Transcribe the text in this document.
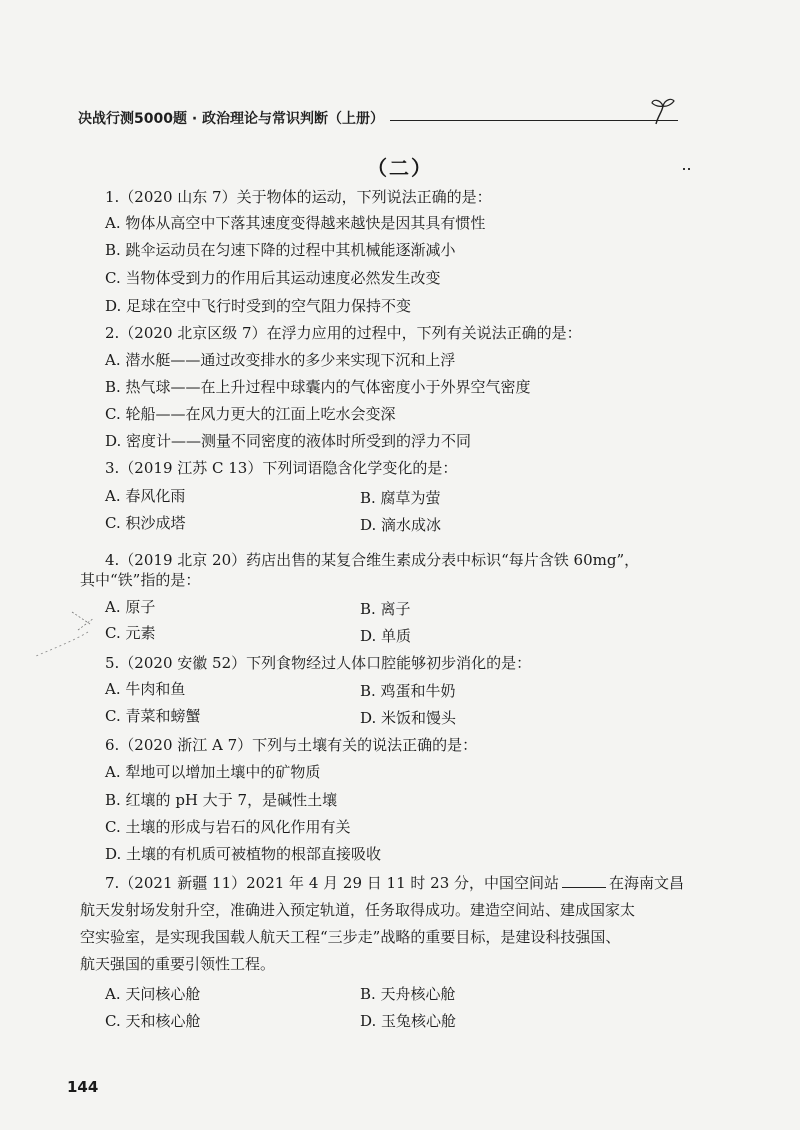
决战行测5000题 · 政治理论与常识判断（上册）
（二）
1.（2020 山东 7）关于物体的运动，下列说法正确的是：
A. 物体从高空中下落其速度变得越来越快是因其具有惯性
B. 跳伞运动员在匀速下降的过程中其机械能逐渐减小
C. 当物体受到力的作用后其运动速度必然发生改变
D. 足球在空中飞行时受到的空气阻力保持不变
2.（2020 北京区级 7）在浮力应用的过程中，下列有关说法正确的是：
A. 潜水艇——通过改变排水的多少来实现下沉和上浮
B. 热气球——在上升过程中球囊内的气体密度小于外界空气密度
C. 轮船——在风力更大的江面上吃水会变深
D. 密度计——测量不同密度的液体时所受到的浮力不同
3.（2019 江苏 C 13）下列词语隐含化学变化的是：
A. 春风化雨	B. 腐草为萤
C. 积沙成塔	D. 滴水成冰
4.（2019 北京 20）药店出售的某复合维生素成分表中标识“每片含铁 60mg”，
其中“铁”指的是：
A. 原子	B. 离子
C. 元素	D. 单质
5.（2020 安徽 52）下列食物经过人体口腔能够初步消化的是：
A. 牛肉和鱼	B. 鸡蛋和牛奶
C. 青菜和螃蟹	D. 米饭和馒头
6.（2020 浙江 A 7）下列与土壤有关的说法正确的是：
A. 犁地可以增加土壤中的矿物质
B. 红壤的 pH 大于 7，是碱性土壤
C. 土壤的形成与岩石的风化作用有关
D. 土壤的有机质可被植物的根部直接吸收
7.（2021 新疆 11）2021 年 4 月 29 日 11 时 23 分，中国空间站	在海南文昌
航天发射场发射升空，准确进入预定轨道，任务取得成功。建造空间站、建成国家太
空实验室，是实现我国载人航天工程“三步走”战略的重要目标，是建设科技强国、
航天强国的重要引领性工程。
A. 天问核心舱	B. 天舟核心舱
C. 天和核心舱	D. 玉兔核心舱
144
